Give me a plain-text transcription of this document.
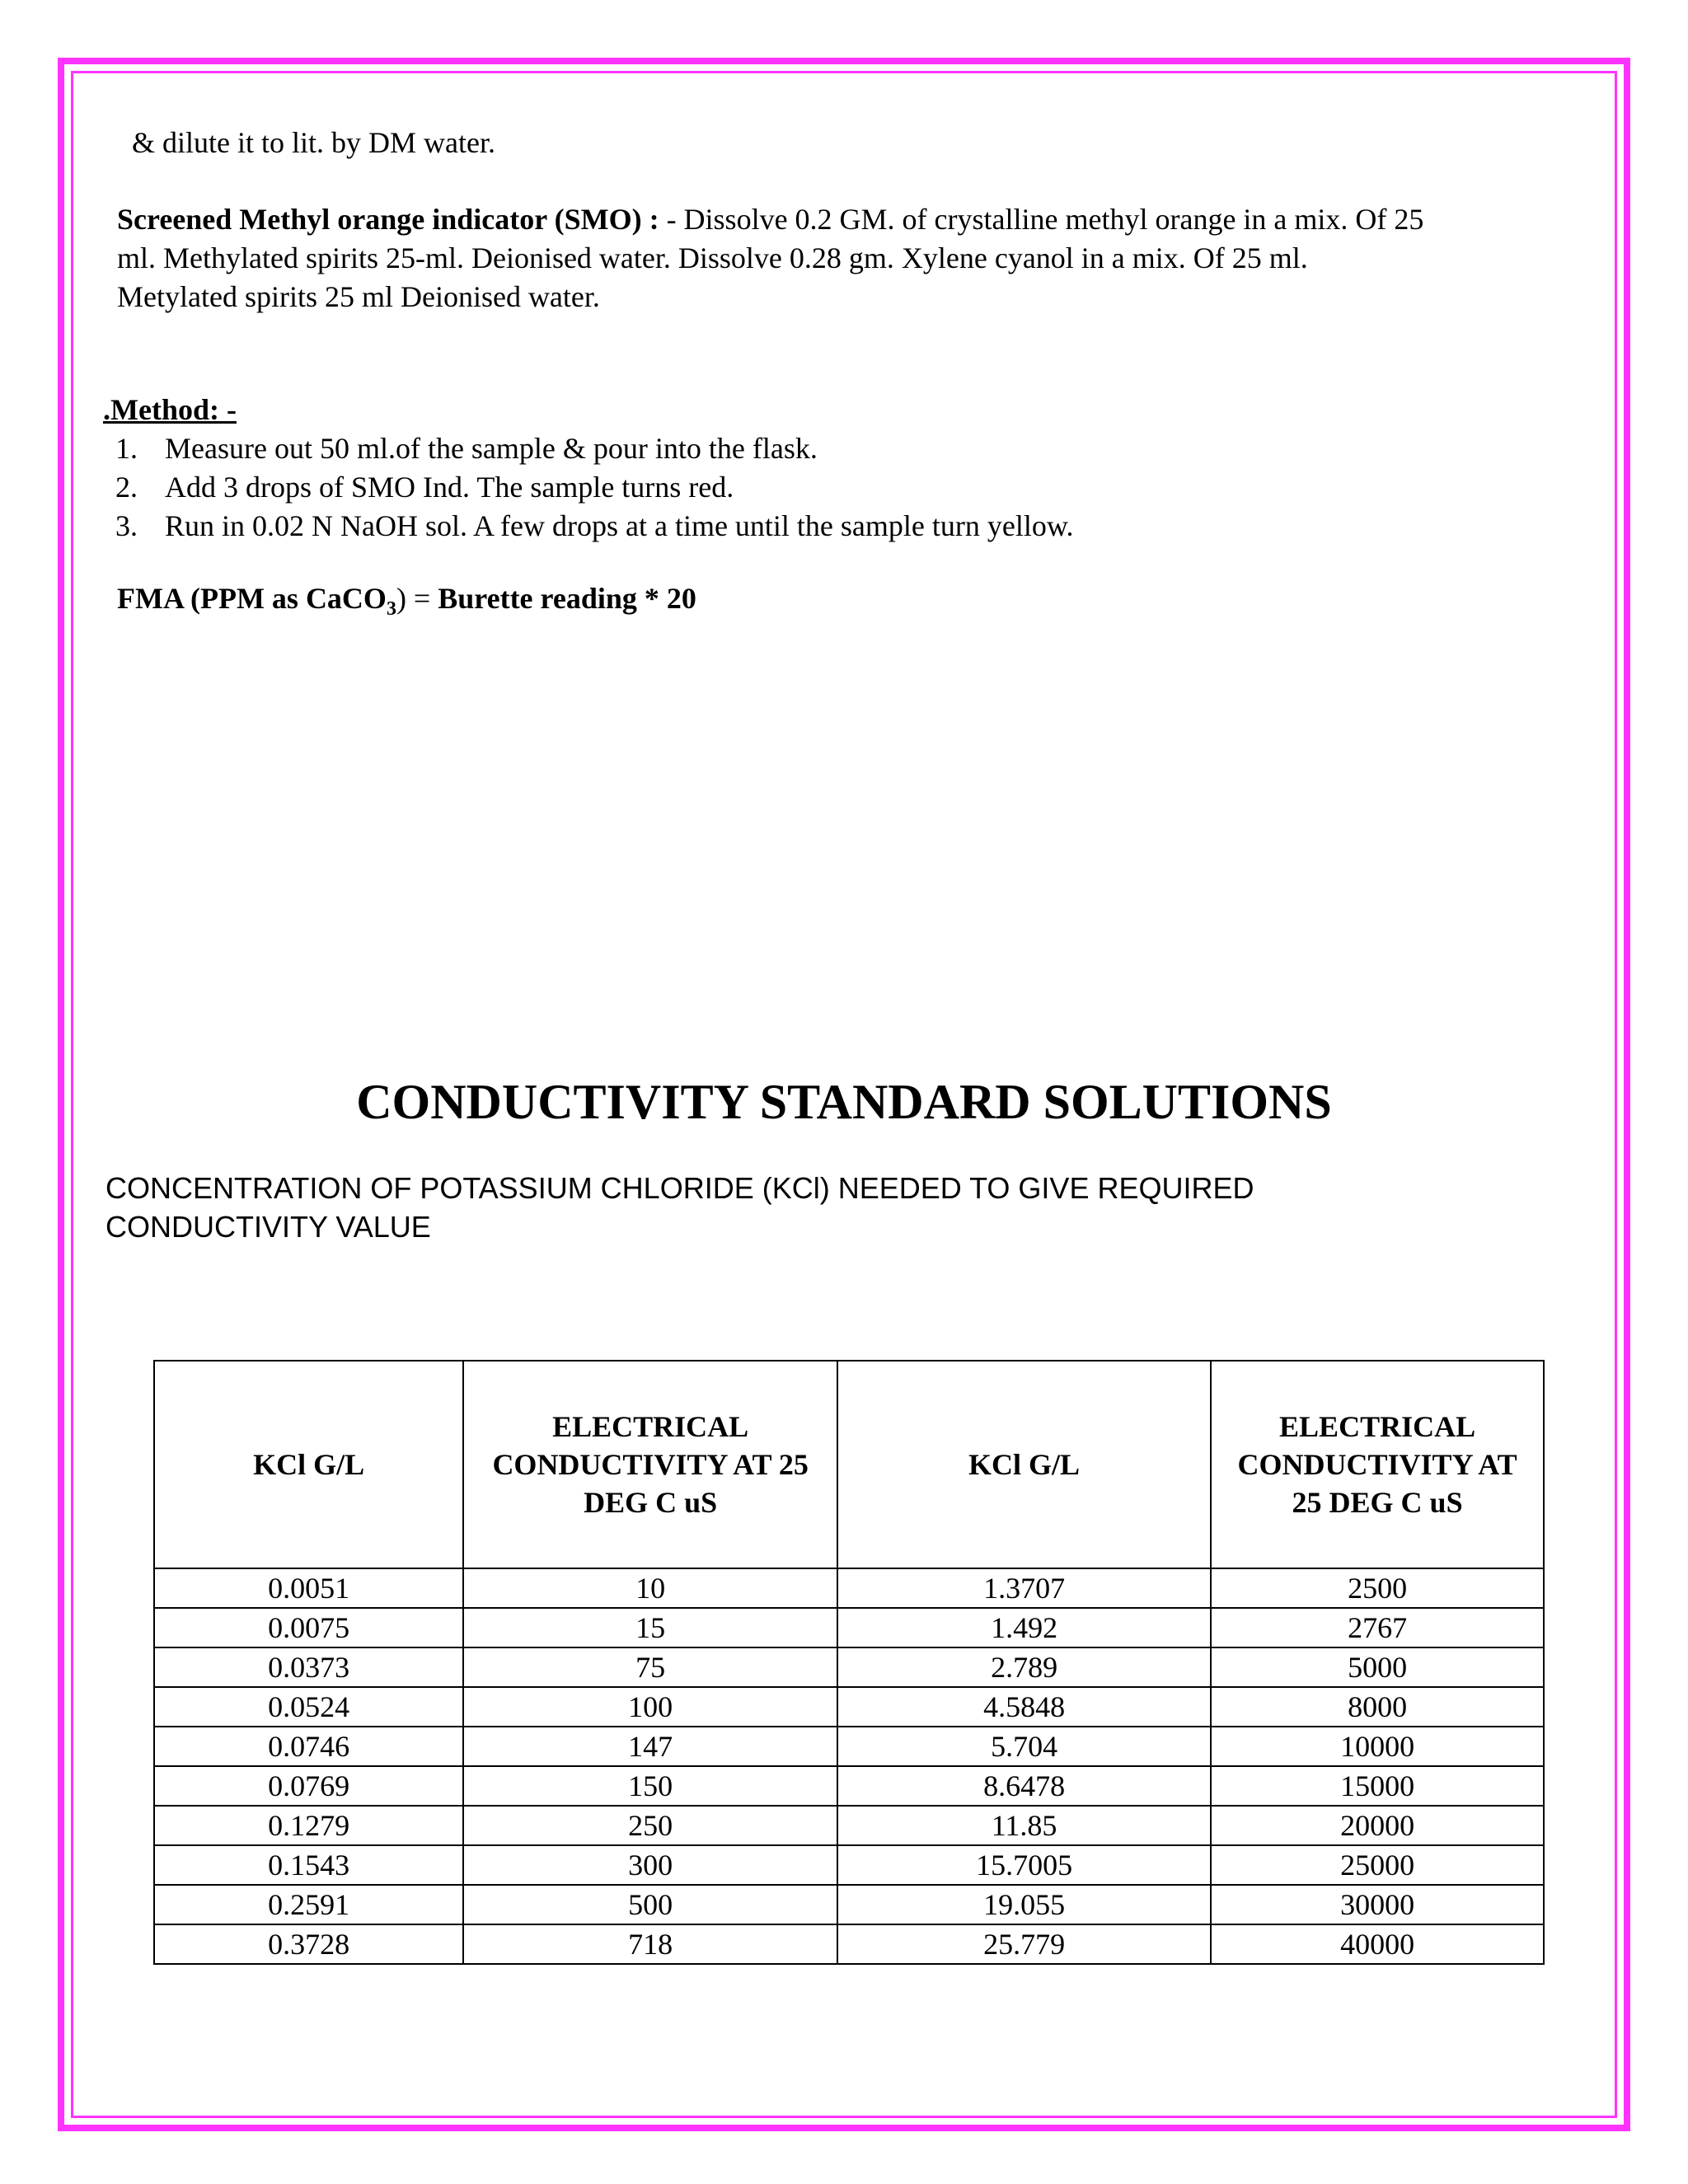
& dilute it to lit. by DM water.
Screened Methyl orange indicator (SMO) : - Dissolve 0.2 GM. of crystalline methyl orange in a mix. Of 25
ml. Methylated spirits 25-ml. Deionised water. Dissolve 0.28 gm. Xylene cyanol in a mix. Of 25 ml.
Metylated spirits 25 ml Deionised water.
.Method: -
1. Measure out 50 ml.of the sample & pour into the flask.
2. Add 3 drops of SMO Ind. The sample turns red.
3. Run in 0.02 N NaOH sol. A few drops at a time until the sample turn yellow.
FMA (PPM as CaCO$_3$) = Burette reading * 20
CONDUCTIVITY STANDARD SOLUTIONS
CONCENTRATION OF POTASSIUM CHLORIDE (KCl) NEEDED TO GIVE REQUIRED
CONDUCTIVITY VALUE
KCl G/L	ELECTRICAL CONDUCTIVITY AT 25 DEG C uS	KCl G/L	ELECTRICAL CONDUCTIVITY AT 25 DEG C uS
0.0051	10	1.3707	2500
0.0075	15	1.492	2767
0.0373	75	2.789	5000
0.0524	100	4.5848	8000
0.0746	147	5.704	10000
0.0769	150	8.6478	15000
0.1279	250	11.85	20000
0.1543	300	15.7005	25000
0.2591	500	19.055	30000
0.3728	718	25.779	40000
